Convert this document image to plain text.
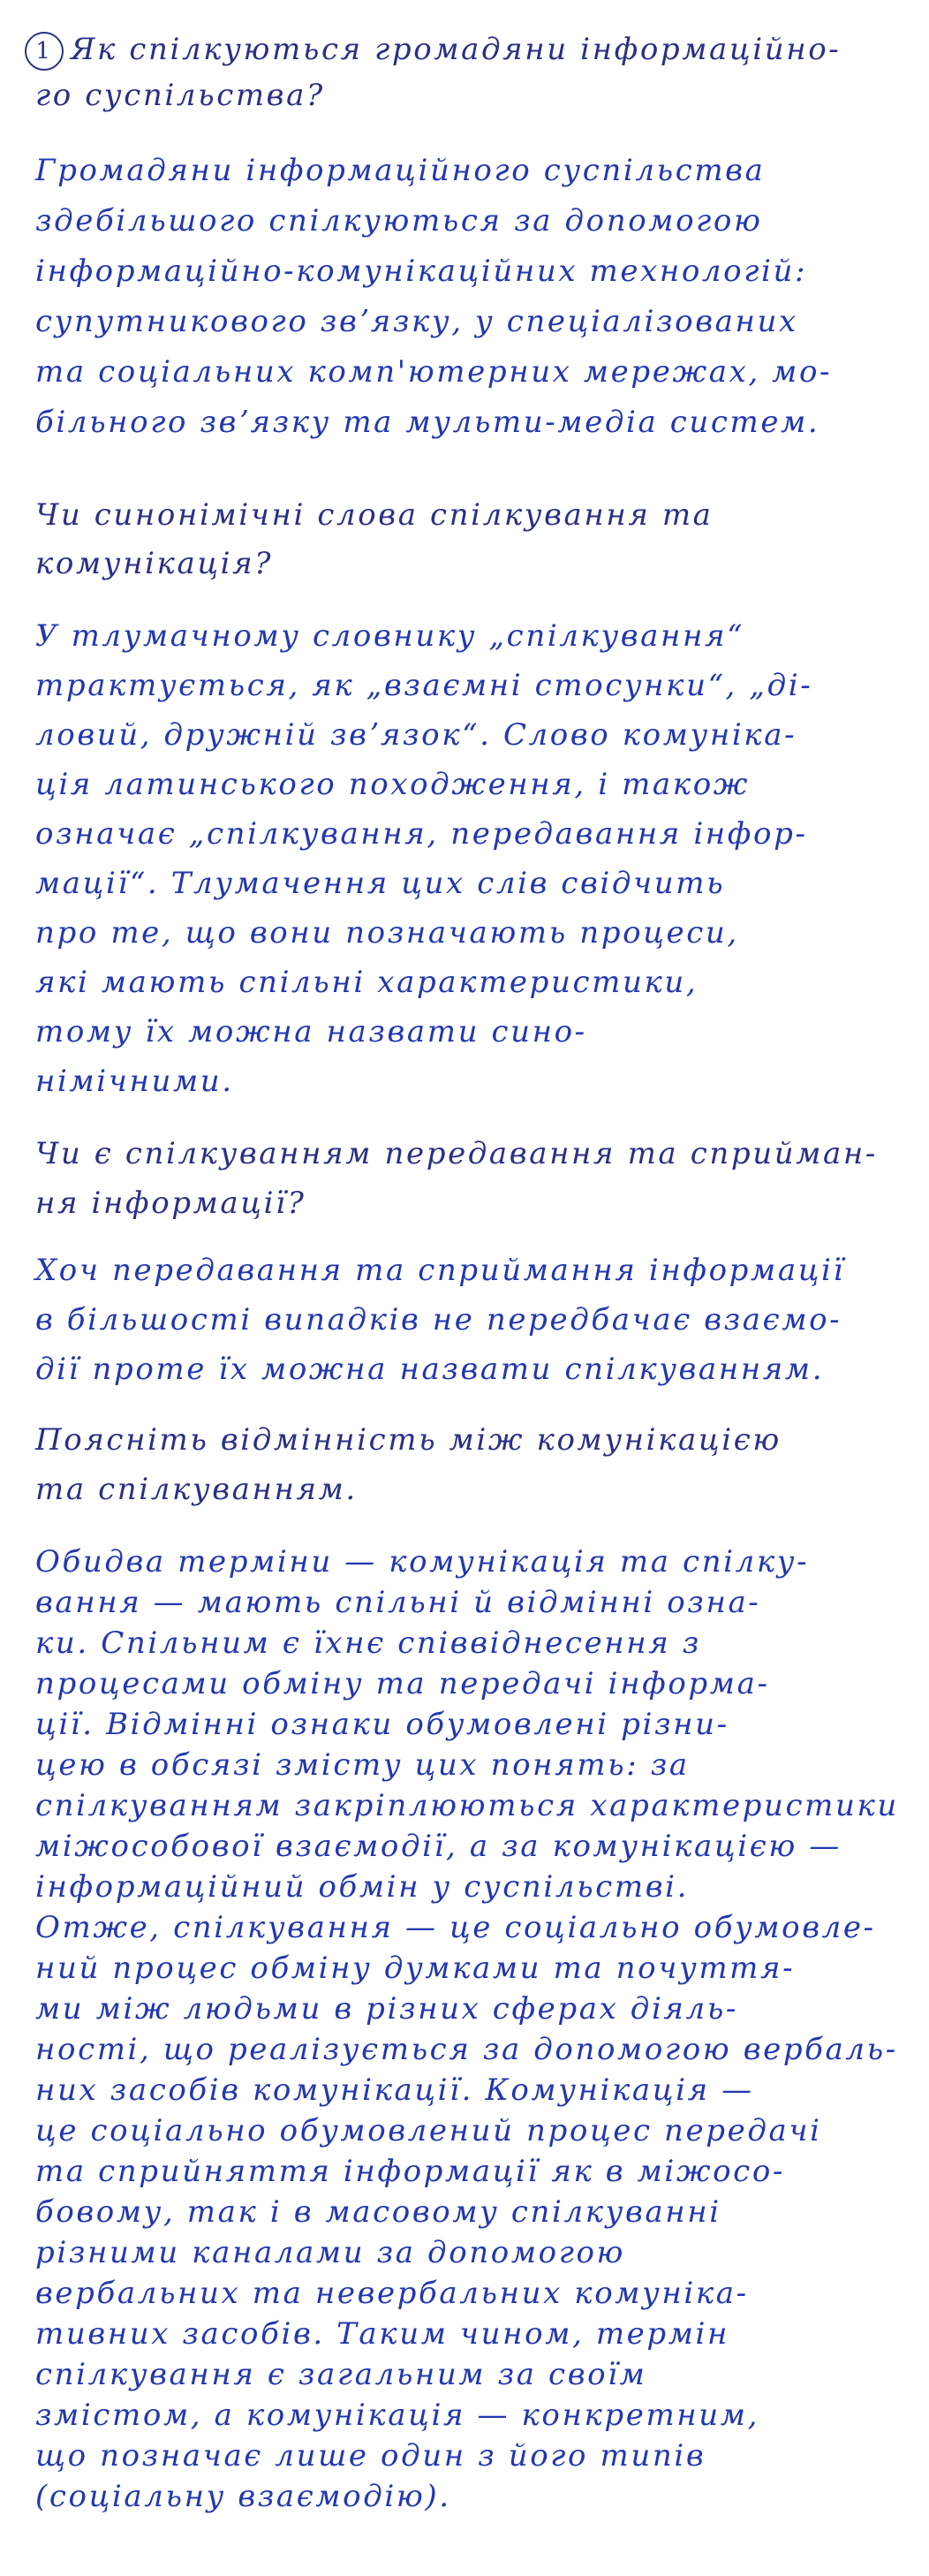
1 Як спілкуються громадяни інформаційно-
го суспільства?
Громадяни інформаційного суспільства
здебільшого спілкуються за допомогою
інформаційно-комунікаційних технологій:
супутникового звʼязку, у спеціалізованих
та соціальних комп'ютерних мережах, мо-
більного звʼязку та мульти-медіа систем.
Чи синонімічні слова спілкування та
комунікація?
У тлумачному словнику „спілкування“
трактується, як „взаємні стосунки“, „ді-
ловий, дружній звʼязок“. Слово комуніка-
ція латинського походження, і також
означає „спілкування, передавання інфор-
мації“. Тлумачення цих слів свідчить
про те, що вони позначають процеси,
які мають спільні характеристики,
тому їх можна назвати сино-
німічними.
Чи є спілкуванням передавання та сприйман-
ня інформації?
Хоч передавання та сприймання інформації
в більшості випадків не передбачає взаємо-
дії проте їх можна назвати спілкуванням.
Поясніть відмінність між комунікацією
та спілкуванням.
Обидва терміни — комунікація та спілку-
вання — мають спільні й відмінні озна-
ки. Спільним є їхнє співвіднесення з
процесами обміну та передачі інформа-
ції. Відмінні ознаки обумовлені різни-
цею в обсязі змісту цих понять: за
спілкуванням закріплюються характеристики
міжособової взаємодії, а за комунікацією —
інформаційний обмін у суспільстві.
Отже, спілкування — це соціально обумовле-
ний процес обміну думками та почуття-
ми між людьми в різних сферах діяль-
ності, що реалізується за допомогою вербаль-
них засобів комунікації. Комунікація —
це соціально обумовлений процес передачі
та сприйняття інформації як в міжосо-
бовому, так і в масовому спілкуванні
різними каналами за допомогою
вербальних та невербальних комуніка-
тивних засобів. Таким чином, термін
спілкування є загальним за своїм
змістом, а комунікація — конкретним,
що позначає лише один з його типів
(соціальну взаємодію).
